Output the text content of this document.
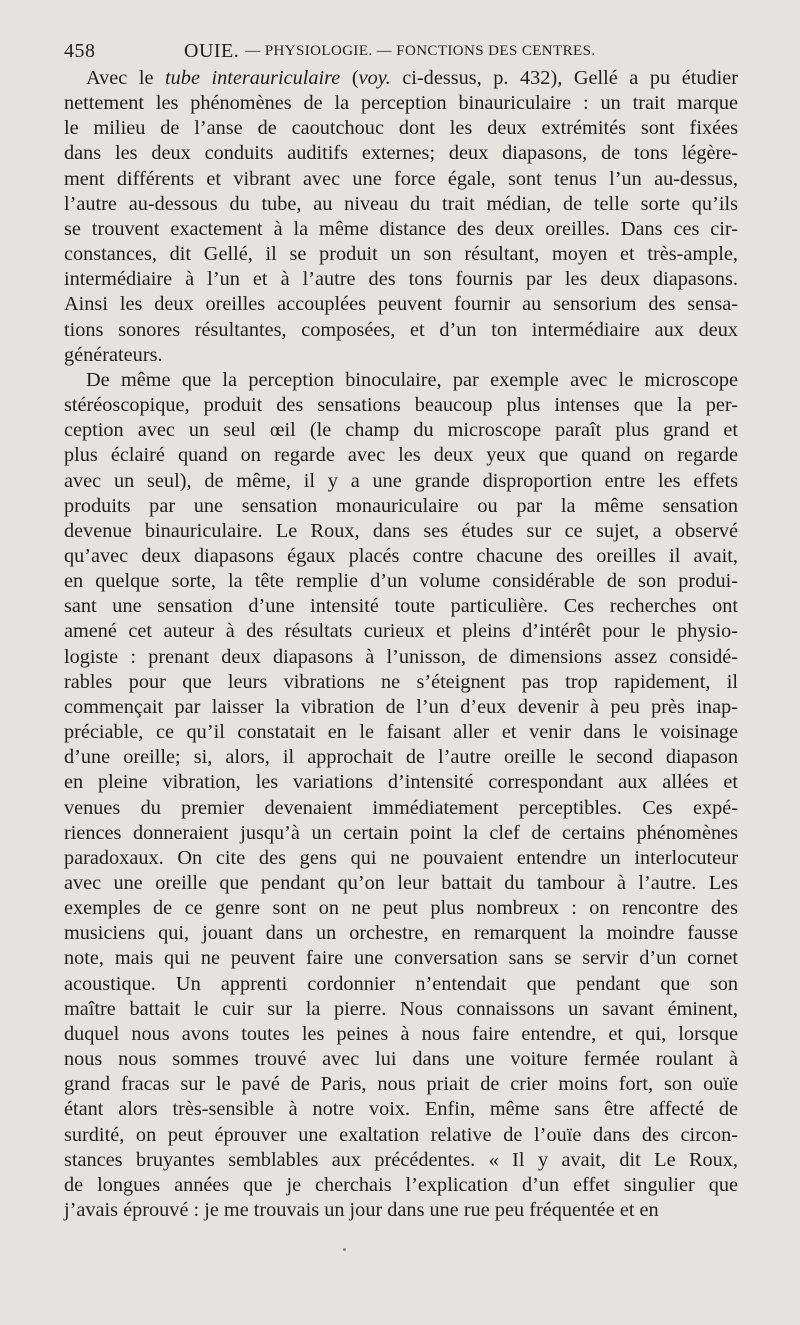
458	OUIE. — PHYSIOLOGIE. — FONCTIONS DES CENTRES.
Avec le tube interauriculaire (voy. ci-dessus, p. 432), Gellé a pu étudier
nettement les phénomènes de la perception binauriculaire : un trait marque
le milieu de l’anse de caoutchouc dont les deux extrémités sont fixées
dans les deux conduits auditifs externes; deux diapasons, de tons légère-
ment différents et vibrant avec une force égale, sont tenus l’un au-dessus,
l’autre au-dessous du tube, au niveau du trait médian, de telle sorte qu’ils
se trouvent exactement à la même distance des deux oreilles. Dans ces cir-
constances, dit Gellé, il se produit un son résultant, moyen et très-ample,
intermédiaire à l’un et à l’autre des tons fournis par les deux diapasons.
Ainsi les deux oreilles accouplées peuvent fournir au sensorium des sensa-
tions sonores résultantes, composées, et d’un ton intermédiaire aux deux
générateurs.
De même que la perception binoculaire, par exemple avec le microscope
stéréoscopique, produit des sensations beaucoup plus intenses que la per-
ception avec un seul œil (le champ du microscope paraît plus grand et
plus éclairé quand on regarde avec les deux yeux que quand on regarde
avec un seul), de même, il y a une grande disproportion entre les effets
produits par une sensation monauriculaire ou par la même sensation
devenue binauriculaire. Le Roux, dans ses études sur ce sujet, a observé
qu’avec deux diapasons égaux placés contre chacune des oreilles il avait,
en quelque sorte, la tête remplie d’un volume considérable de son produi-
sant une sensation d’une intensité toute particulière. Ces recherches ont
amené cet auteur à des résultats curieux et pleins d’intérêt pour le physio-
logiste : prenant deux diapasons à l’unisson, de dimensions assez considé-
rables pour que leurs vibrations ne s’éteignent pas trop rapidement, il
commençait par laisser la vibration de l’un d’eux devenir à peu près inap-
préciable, ce qu’il constatait en le faisant aller et venir dans le voisinage
d’une oreille; si, alors, il approchait de l’autre oreille le second diapason
en pleine vibration, les variations d’intensité correspondant aux allées et
venues du premier devenaient immédiatement perceptibles. Ces expé-
riences donneraient jusqu’à un certain point la clef de certains phénomènes
paradoxaux. On cite des gens qui ne pouvaient entendre un interlocuteur
avec une oreille que pendant qu’on leur battait du tambour à l’autre. Les
exemples de ce genre sont on ne peut plus nombreux : on rencontre des
musiciens qui, jouant dans un orchestre, en remarquent la moindre fausse
note, mais qui ne peuvent faire une conversation sans se servir d’un cornet
acoustique. Un apprenti cordonnier n’entendait que pendant que son
maître battait le cuir sur la pierre. Nous connaissons un savant éminent,
duquel nous avons toutes les peines à nous faire entendre, et qui, lorsque
nous nous sommes trouvé avec lui dans une voiture fermée roulant à
grand fracas sur le pavé de Paris, nous priait de crier moins fort, son ouïe
étant alors très-sensible à notre voix. Enfin, même sans être affecté de
surdité, on peut éprouver une exaltation relative de l’ouïe dans des circon-
stances bruyantes semblables aux précédentes. « Il y avait, dit Le Roux,
de longues années que je cherchais l’explication d’un effet singulier que
j’avais éprouvé : je me trouvais un jour dans une rue peu fréquentée et en
